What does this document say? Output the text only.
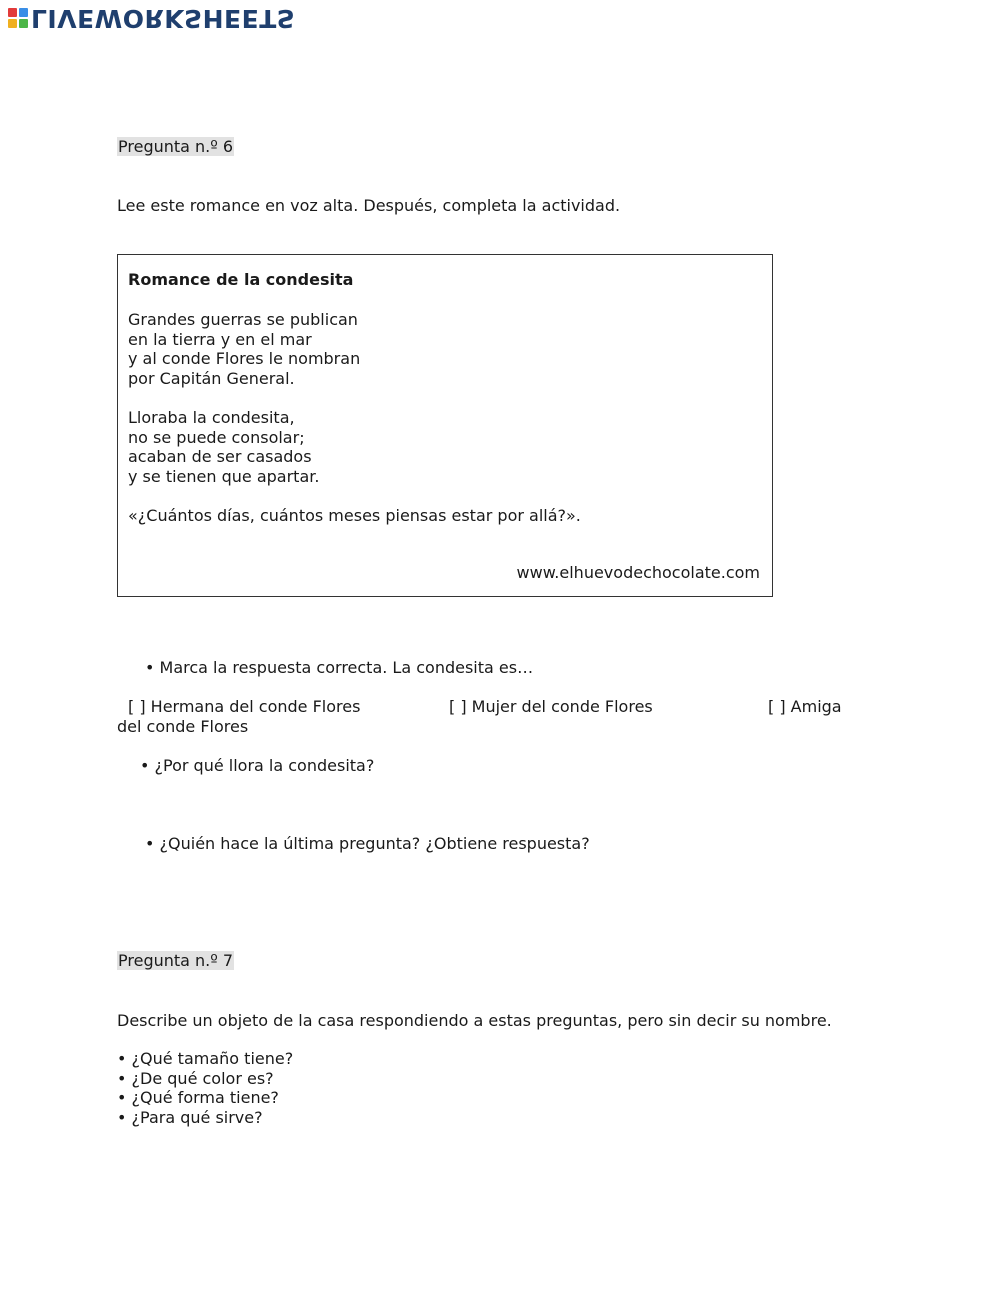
LIVEWORKSHEETS
Pregunta n.º 6
Lee este romance en voz alta. Después, completa la actividad.
Romance de la condesita
Grandes guerras se publican
en la tierra y en el mar
y al conde Flores le nombran
por Capitán General.
Lloraba la condesita,
no se puede consolar;
acaban de ser casados
y se tienen que apartar.
«¿Cuántos días, cuántos meses piensas estar por allá?».
www.elhuevodechocolate.com
• Marca la respuesta correcta. La condesita es…
[ ] Hermana del conde Flores	[ ] Mujer del conde Flores	[ ] Amiga
del conde Flores
• ¿Por qué llora la condesita?
• ¿Quién hace la última pregunta? ¿Obtiene respuesta?
Pregunta n.º 7
Describe un objeto de la casa respondiendo a estas preguntas, pero sin decir su nombre.
• ¿Qué tamaño tiene?
• ¿De qué color es?
• ¿Qué forma tiene?
• ¿Para qué sirve?
